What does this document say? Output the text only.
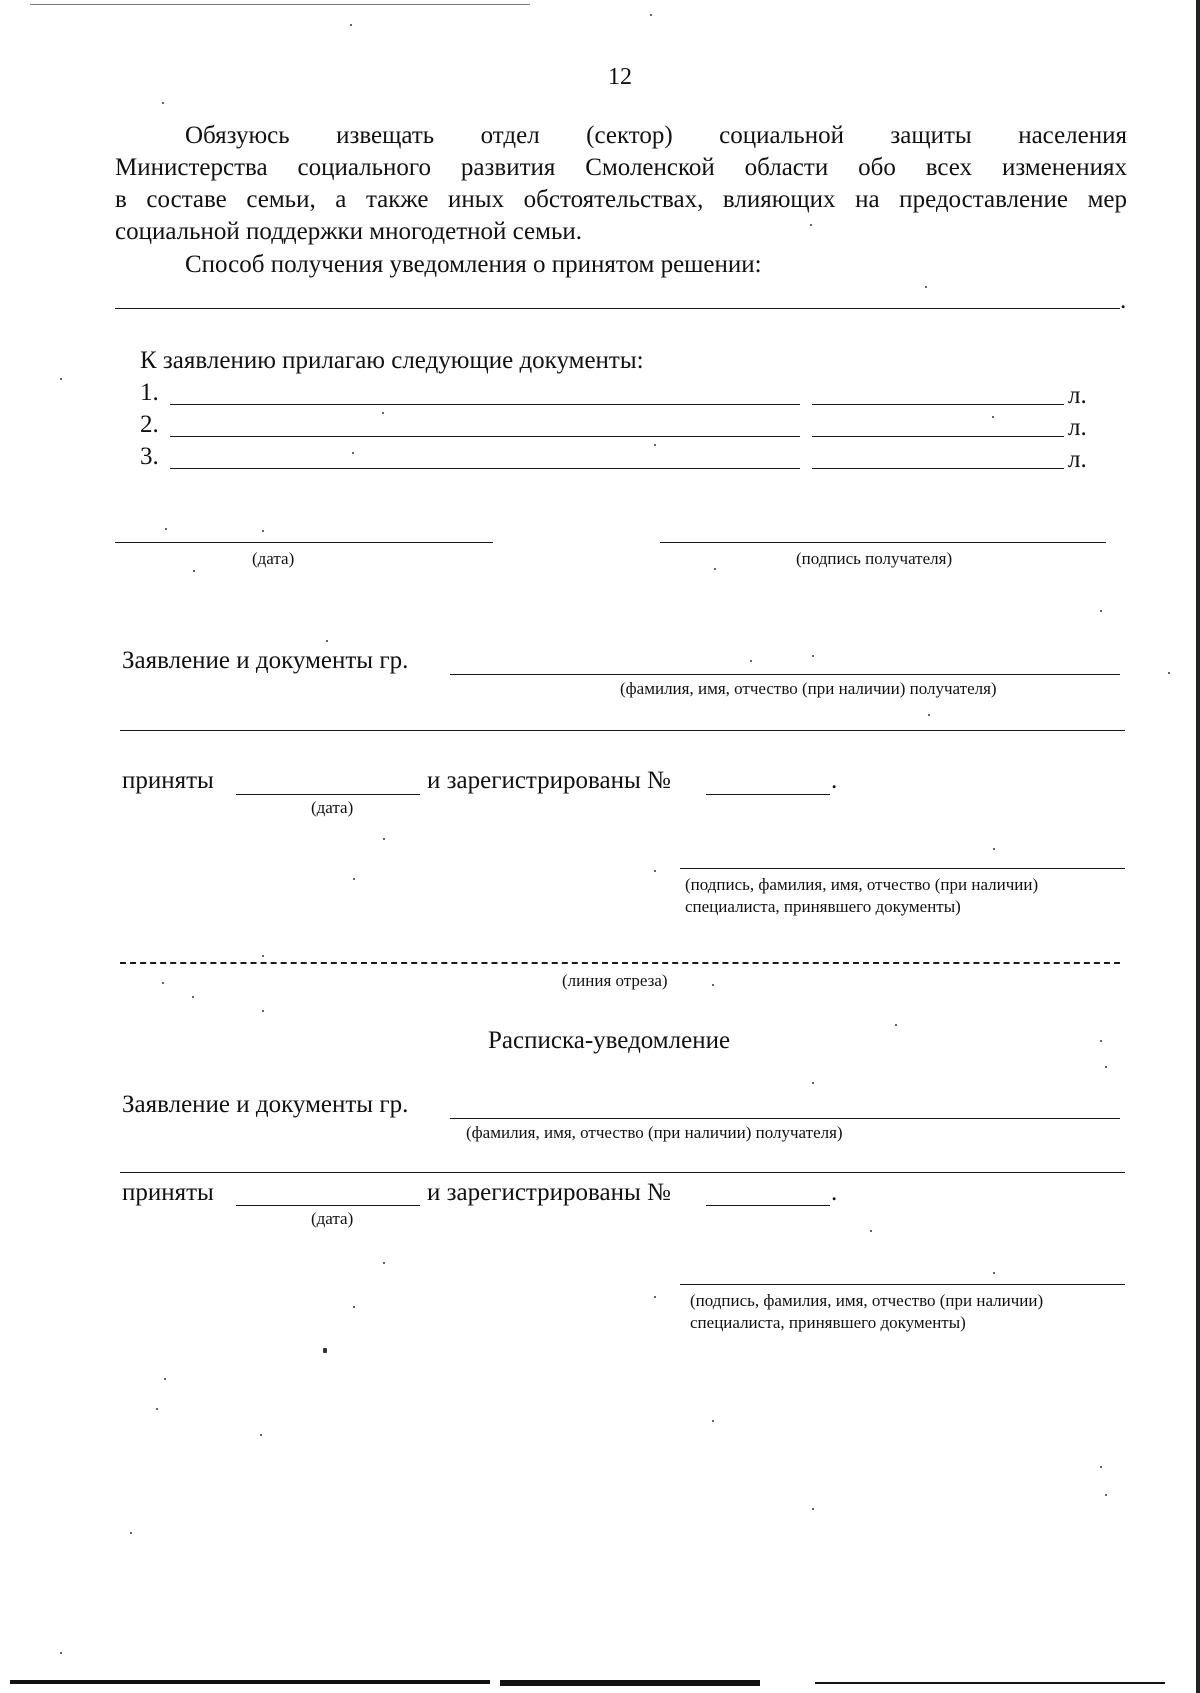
12
Обязуюсь извещать отдел (сектор) социальной защиты населения
Министерства социального развития Смоленской области обо всех изменениях
в составе семьи, а также иных обстоятельствах, влияющих на предоставление мер
социальной поддержки многодетной семьи.
Способ получения уведомления о принятом решении:
.
К заявлению прилагаю следующие документы:
1.	л.
2.	л.
3.	л.
(дата)	(подпись получателя)
Заявление и документы гр.
(фамилия, имя, отчество (при наличии) получателя)
приняты
(дата)
и зарегистрированы №	.
(подпись, фамилия, имя, отчество (при наличии)
специалиста, принявшего документы)
(линия отреза)
Расписка-уведомление
Заявление и документы гр.
(фамилия, имя, отчество (при наличии) получателя)
приняты
(дата)
и зарегистрированы №	.
(подпись, фамилия, имя, отчество (при наличии)
специалиста, принявшего документы)
